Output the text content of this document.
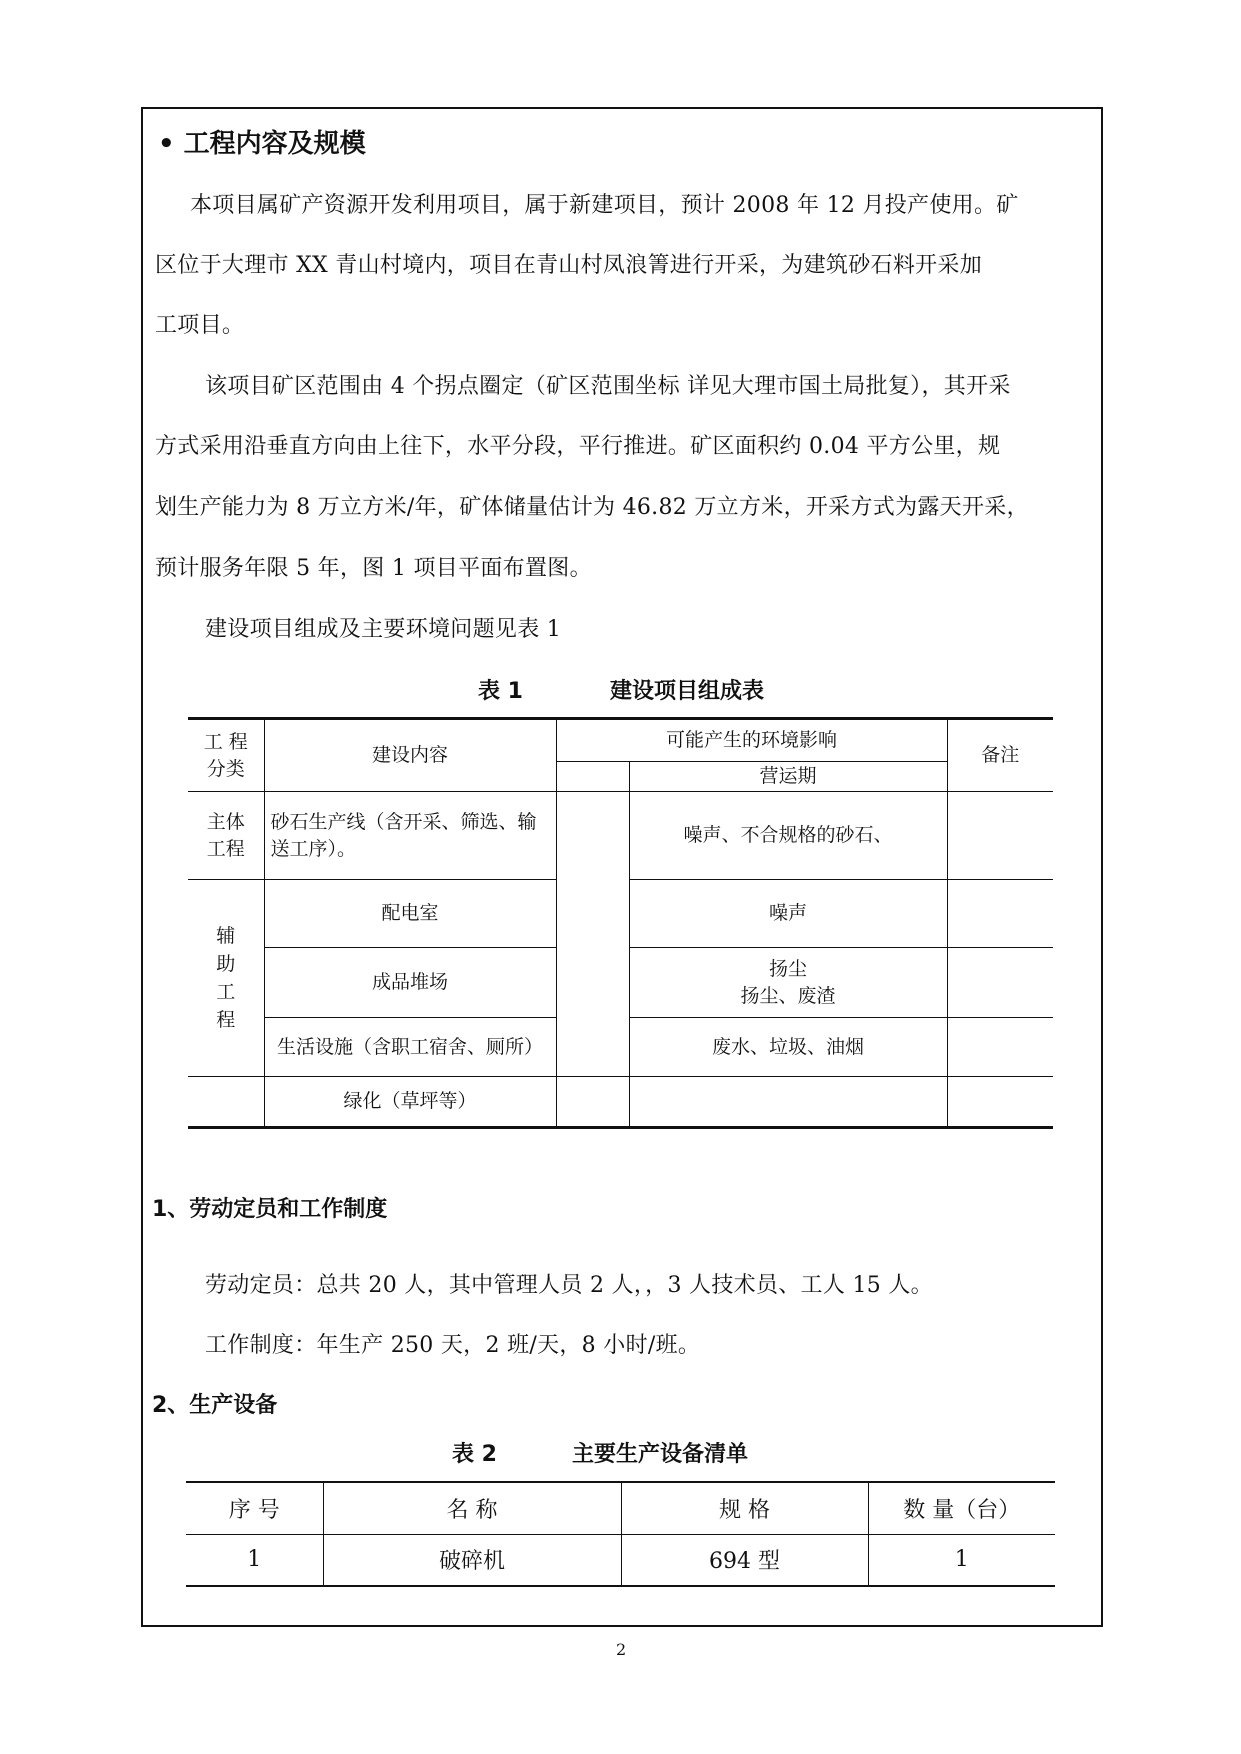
• 工程内容及规模
本项目属矿产资源开发利用项目，属于新建项目，预计 2008 年 12 月投产使用。矿
区位于大理市 XX 青山村境内，项目在青山村凤浪箐进行开采，为建筑砂石料开采加
工项目。
该项目矿区范围由 4 个拐点圈定（矿区范围坐标 详见大理市国土局批复），其开采
方式采用沿垂直方向由上往下，水平分段，平行推进。矿区面积约 0.04 平方公里，规
划生产能力为 8 万立方米/年，矿体储量估计为 46.82 万立方米，开采方式为露天开采，
预计服务年限 5 年，图 1 项目平面布置图。
建设项目组成及主要环境问题见表 1
表 1	建设项目组成表
工 程
分类	建设内容	可能产生的环境影响		备注
			营运期	
主体
工程	砂石生产线（含开采、筛选、输送工序）。		噪声、不合规格的砂石、	
辅
助
工
程	配电室		噪声	
	成品堆场		扬尘
扬尘、废渣	
	生活设施（含职工宿舍、厕所）		废水、垃圾、油烟	
	绿化（草坪等）			
1、劳动定员和工作制度
劳动定员：总共 20 人，其中管理人员 2 人，，3 人技术员、工人 15 人。
工作制度：年生产 250 天，2 班/天，8 小时/班。
2、生产设备
表 2	主要生产设备清单
序 号	名 称	规 格	数 量（台）
1	破碎机	694 型	1
2
